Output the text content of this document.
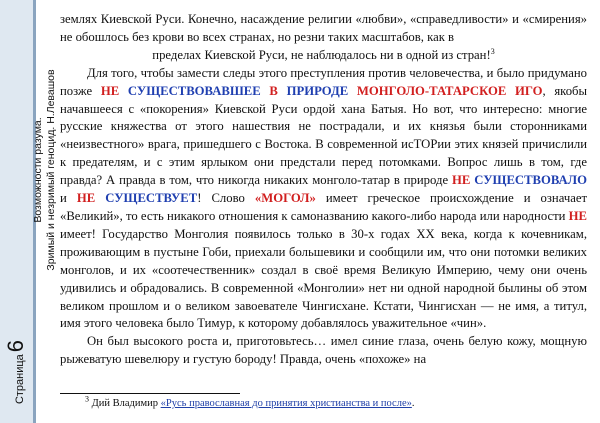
Страница6
Возможности разума. Зримый и незримый геноцид. Н.Левашов

землях Киевской Руси. Конечно, насаждение религии «любви», «справедливости» и «смирения» не обошлось без крови во всех странах, но резни таких масштабов, как в

пределах Киевской Руси, не наблюдалось ни в одной из стран!$^3$

Для того, чтобы замести следы этого преступления против человечества, и было придумано позже НЕ СУЩЕСТВОВАВШЕЕ В ПРИРОДЕ МОНГОЛО-ТАТАРСКОЕ ИГО, якобы начавшееся с «покорения» Киевской Руси ордой хана Батыя. Но вот, что интересно: многие русские княжества от этого нашествия не пострадали, и их князья были сторонниками «неизвестного» врага, пришедшего с Востока. В современной исТОРии этих князей причислили к предателям, и с этим ярлыком они предстали перед потомками. Вопрос лишь в том, где правда? А правда в том, что никогда никаких монголо-татар в природе НЕ СУЩЕСТВОВАЛО и НЕ СУЩЕСТВУЕТ! Слово «МОГОЛ» имеет греческое происхождение и означает «Великий», то есть никакого отношения к самоназванию какого-либо народа или народности НЕ имеет! Государство Монголия появилось только в 30-х годах ХХ века, когда к кочевникам, проживающим в пустыне Гоби, приехали большевики и сообщили им, что они потомки великих монголов, и их «соотечественник» создал в своё время Великую Империю, чему они очень удивились и обрадовались. В современной «Монголии» нет ни одной народной былины об этом великом прошлом и о великом завоевателе Чингисхане. Кстати, Чингисхан — не имя, а титул, имя этого человека было Тимур, к которому добавлялось уважительное «чин».

Он был высокого роста и, приготовьтесь… имел синие глаза, очень белую кожу, мощную рыжеватую шевелюру и густую бороду! Правда, очень «похоже» на

$^3$ Дий Владимир «Русь православная до принятия христианства и после».
